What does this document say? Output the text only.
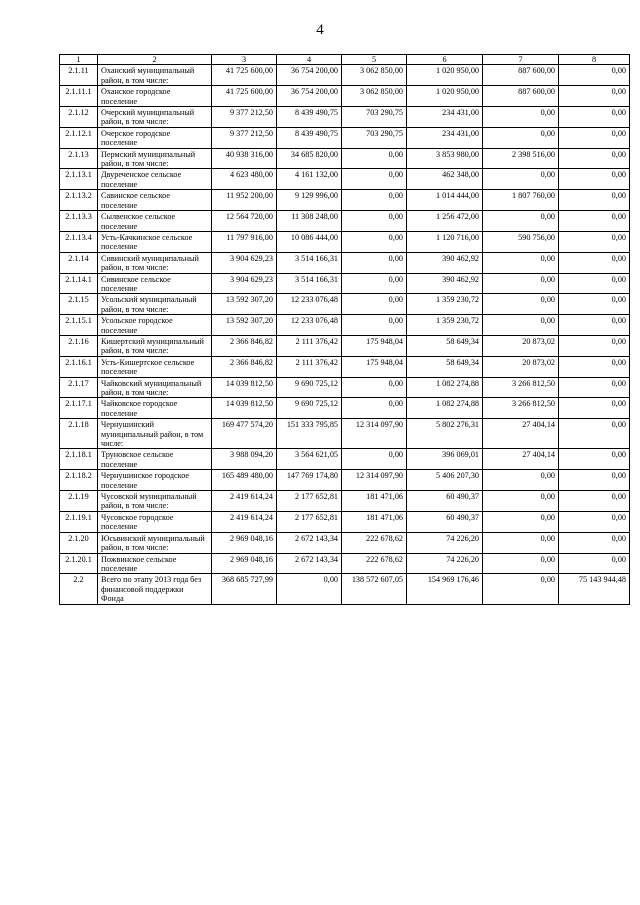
4
1	2	3	4	5	6	7	8
2.1.11	Оханский муниципальный район, в том числе:	41 725 600,00	36 754 200,00	3 062 850,00	1 020 950,00	887 600,00	0,00
2.1.11.1	Оханское городское поселение	41 725 600,00	36 754 200,00	3 062 850,00	1 020 950,00	887 600,00	0,00
2.1.12	Очерский муниципальный район, в том числе:	9 377 212,50	8 439 490,75	703 290,75	234 431,00	0,00	0,00
2.1.12.1	Очерское городское поселение	9 377 212,50	8 439 490,75	703 290,75	234 431,00	0,00	0,00
2.1.13	Пермский муниципальный район, в том числе:	40 938 316,00	34 685 820,00	0,00	3 853 980,00	2 398 516,00	0,00
2.1.13.1	Двуреченское сельское поселение	4 623 480,00	4 161 132,00	0,00	462 348,00	0,00	0,00
2.1.13.2	Савинское сельское поселение	11 952 200,00	9 129 996,00	0,00	1 014 444,00	1 807 760,00	0,00
2.1.13.3	Сылвенское сельское поселение	12 564 720,00	11 308 248,00	0,00	1 256 472,00	0,00	0,00
2.1.13.4	Усть-Качкинское сельское поселение	11 797 916,00	10 086 444,00	0,00	1 120 716,00	590 756,00	0,00
2.1.14	Сивинский муниципальный район, в том числе:	3 904 629,23	3 514 166,31	0,00	390 462,92	0,00	0,00
2.1.14.1	Сивинское сельское поселение	3 904 629,23	3 514 166,31	0,00	390 462,92	0,00	0,00
2.1.15	Усольский муниципальный район, в том числе:	13 592 307,20	12 233 076,48	0,00	1 359 230,72	0,00	0,00
2.1.15.1	Усольское городское поселение	13 592 307,20	12 233 076,48	0,00	1 359 230,72	0,00	0,00
2.1.16	Кишертский муниципальный район, в том числе:	2 366 846,82	2 111 376,42	175 948,04	58 649,34	20 873,02	0,00
2.1.16.1	Усть-Кишертское сельское поселение	2 366 846,82	2 111 376,42	175 948,04	58 649,34	20 873,02	0,00
2.1.17	Чайковский муниципальный район, в том числе:	14 039 812,50	9 690 725,12	0,00	1 082 274,88	3 266 812,50	0,00
2.1.17.1	Чайковское городское поселение	14 039 812,50	9 690 725,12	0,00	1 082 274,88	3 266 812,50	0,00
2.1.18	Чернушинский муниципальный район, в том числе:	169 477 574,20	151 333 795,85	12 314 097,90	5 802 276,31	27 404,14	0,00
2.1.18.1	Труновское сельское поселение	3 988 094,20	3 564 621,05	0,00	396 069,01	27 404,14	0,00
2.1.18.2	Чернушинское городское поселение	165 489 480,00	147 769 174,80	12 314 097,90	5 406 207,30	0,00	0,00
2.1.19	Чусовской муниципальный район, в том числе:	2 419 614,24	2 177 652,81	181 471,06	60 490,37	0,00	0,00
2.1.19.1	Чусовское городское поселение	2 419 614,24	2 177 652,81	181 471,06	60 490,37	0,00	0,00
2.1.20	Юсьвинский муниципальный район, в том числе:	2 969 048,16	2 672 143,34	222 678,62	74 226,20	0,00	0,00
2.1.20.1	Пожвинское сельское поселение	2 969 048,16	2 672 143,34	222 678,62	74 226,20	0,00	0,00
2.2	Всего по этапу 2013 года без финансовой поддержки Фонда	368 685 727,99	0,00	138 572 607,05	154 969 176,46	0,00	75 143 944,48
